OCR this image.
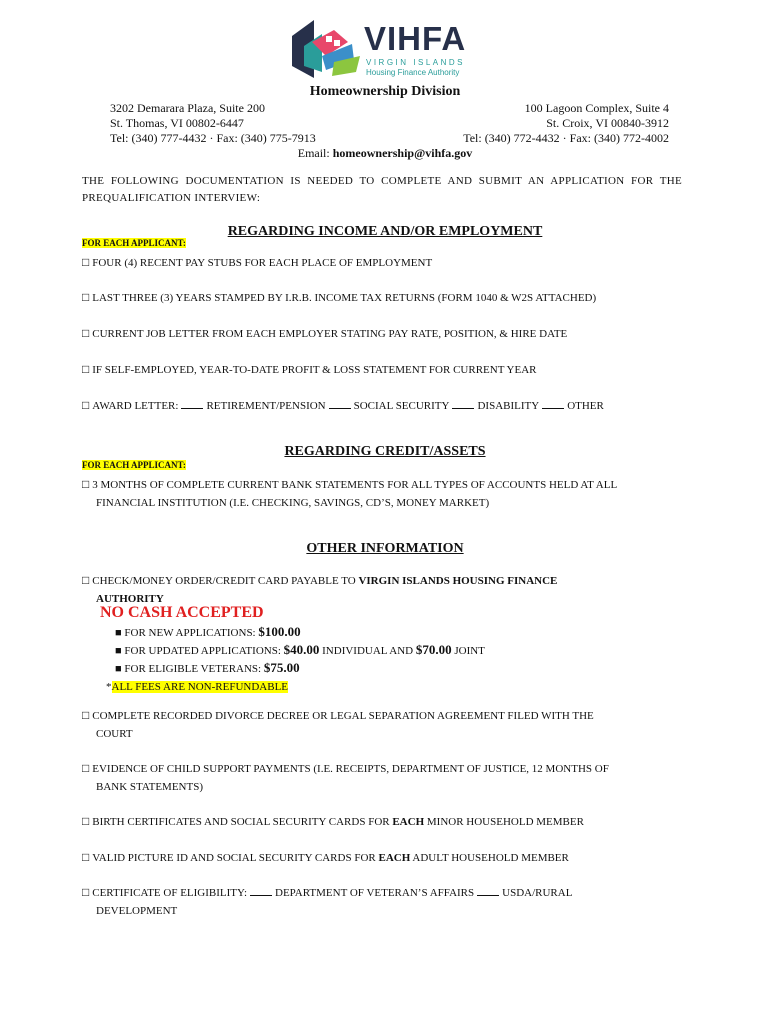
VIHFA
VIRGIN ISLANDS
Housing Finance Authority
Homeownership Division
3202 Demarara Plaza, Suite 200
St. Thomas, VI 00802-6447
Tel: (340) 777-4432 · Fax: (340) 775-7913
100 Lagoon Complex, Suite 4
St. Croix, VI 00840-3912
Tel: (340) 772-4432 · Fax: (340) 772-4002
Email: homeownership@vihfa.gov
THE FOLLOWING DOCUMENTATION IS NEEDED TO COMPLETE AND SUBMIT AN APPLICATION FOR THE PREQUALIFICATION INTERVIEW:
REGARDING INCOME AND/OR EMPLOYMENT
FOR EACH APPLICANT:
□ FOUR (4) RECENT PAY STUBS FOR EACH PLACE OF EMPLOYMENT
□ LAST THREE (3) YEARS STAMPED BY I.R.B. INCOME TAX RETURNS (FORM 1040 & W2S ATTACHED)
□ CURRENT JOB LETTER FROM EACH EMPLOYER STATING PAY RATE, POSITION, & HIRE DATE
□ IF SELF-EMPLOYED, YEAR-TO-DATE PROFIT & LOSS STATEMENT FOR CURRENT YEAR
□ AWARD LETTER:	RETIREMENT/PENSION	SOCIAL SECURITY	DISABILITY	OTHER
REGARDING CREDIT/ASSETS
FOR EACH APPLICANT:
□ 3 MONTHS OF COMPLETE CURRENT BANK STATEMENTS FOR ALL TYPES OF ACCOUNTS HELD AT ALL
FINANCIAL INSTITUTION (I.E. CHECKING, SAVINGS, CD’S, MONEY MARKET)
OTHER INFORMATION
□ CHECK/MONEY ORDER/CREDIT CARD PAYABLE TO VIRGIN ISLANDS HOUSING FINANCE
AUTHORITY
NO CASH ACCEPTED
■ FOR NEW APPLICATIONS: $100.00
■ FOR UPDATED APPLICATIONS: $40.00 INDIVIDUAL AND $70.00 JOINT
■ FOR ELIGIBLE VETERANS: $75.00
*ALL FEES ARE NON-REFUNDABLE
□ COMPLETE RECORDED DIVORCE DECREE OR LEGAL SEPARATION AGREEMENT FILED WITH THE
COURT
□ EVIDENCE OF CHILD SUPPORT PAYMENTS (I.E. RECEIPTS, DEPARTMENT OF JUSTICE, 12 MONTHS OF
BANK STATEMENTS)
□ BIRTH CERTIFICATES AND SOCIAL SECURITY CARDS FOR EACH MINOR HOUSEHOLD MEMBER
□ VALID PICTURE ID AND SOCIAL SECURITY CARDS FOR EACH ADULT HOUSEHOLD MEMBER
□ CERTIFICATE OF ELIGIBILITY:	DEPARTMENT OF VETERAN’S AFFAIRS	USDA/RURAL
DEVELOPMENT
